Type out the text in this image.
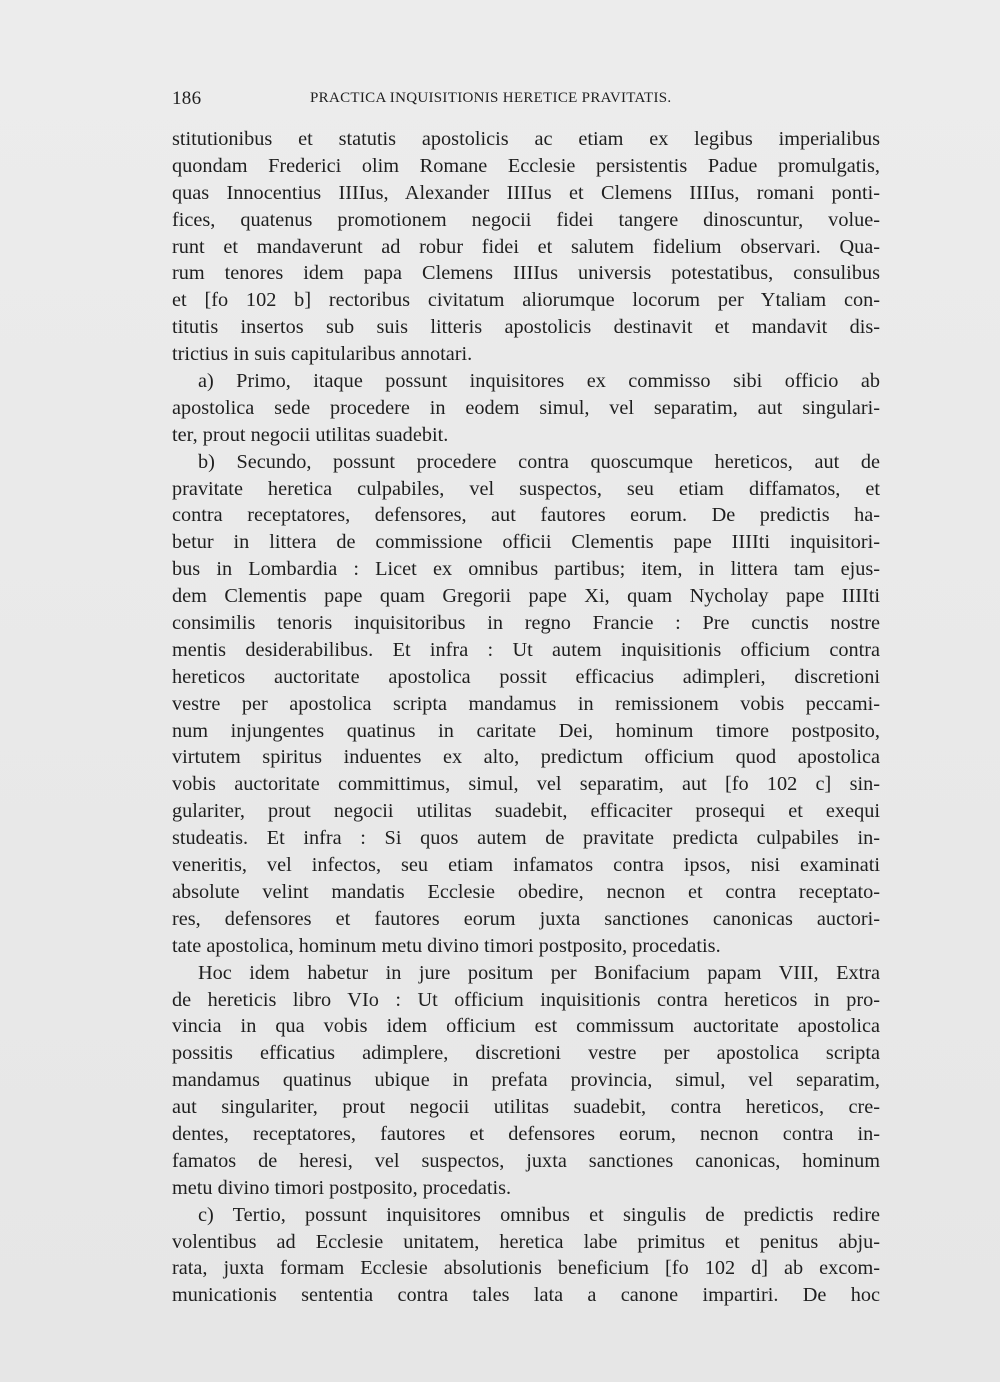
186	PRACTICA INQUISITIONIS HERETICE PRAVITATIS.
stitutionibus et statutis apostolicis ac etiam ex legibus imperialibus
quondam Frederici olim Romane Ecclesie persistentis Padue promulgatis,
quas Innocentius IIIIus, Alexander IIIIus et Clemens IIIIus, romani ponti-
fices, quatenus promotionem negocii fidei tangere dinoscuntur, voluе-
runt et mandaverunt ad robur fidei et salutem fidelium observari. Qua-
rum tenores idem papa Clemens IIIIus universis potestatibus, consulibus
et [fo 102 b] rectoribus civitatum aliorumque locorum per Ytaliam con-
titutis insertos sub suis litteris apostolicis destinavit et mandavit dis-
trictius in suis capitularibus annotari.
a) Primo, itaque possunt inquisitores ex commisso sibi officio ab
apostolica sede procedere in eodem simul, vel separatim, aut singulari-
ter, prout negocii utilitas suadebit.
b) Secundo, possunt procedere contra quoscumque hereticos, aut de
pravitate heretica culpabiles, vel suspectos, seu etiam diffamatos, et
contra receptatores, defensores, aut fautores eorum. De predictis ha-
betur in littera de commissione officii Clementis pape IIIIti inquisitori-
bus in Lombardia : Licet ex omnibus partibus; item, in littera tam ejus-
dem Clementis pape quam Gregorii pape Xi, quam Nycholay pape IIIIti
consimilis tenoris inquisitoribus in regno Francie : Pre cunctis nostre
mentis desiderabilibus. Et infra : Ut autem inquisitionis officium contra
hereticos auctoritate apostolica possit efficacius adimpleri, discretioni
vestre per apostolica scripta mandamus in remissionem vobis peccami-
num injungentes quatinus in caritate Dei, hominum timore postposito,
virtutem spiritus induentes ex alto, predictum officium quod apostolica
vobis auctoritate committimus, simul, vel separatim, aut [fo 102 c] sin-
gulariter, prout negocii utilitas suadebit, efficaciter prosequi et exequi
studeatis. Et infra : Si quos autem de pravitate predicta culpabiles in-
veneritis, vel infectos, seu etiam infamatos contra ipsos, nisi examinati
absolute velint mandatis Ecclesie obedire, necnon et contra receptato-
res, defensores et fautores eorum juxta sanctiones canonicas auctori-
tate apostolica, hominum metu divino timori postposito, procedatis.
Hoc idem habetur in jure positum per Bonifacium papam VIII, Extra
de hereticis libro VIo : Ut officium inquisitionis contra hereticos in pro-
vincia in qua vobis idem officium est commissum auctoritate apostolica
possitis efficatius adimplere, discretioni vestre per apostolica scripta
mandamus quatinus ubique in prefata provincia, simul, vel separatim,
aut singulariter, prout negocii utilitas suadebit, contra hereticos, cre-
dentes, receptatores, fautores et defensores eorum, necnon contra in-
famatos de heresi, vel suspectos, juxta sanctiones canonicas, hominum
metu divino timori postposito, procedatis.
c) Tertio, possunt inquisitores omnibus et singulis de predictis redire
volentibus ad Ecclesie unitatem, heretica labe primitus et penitus abju-
rata, juxta formam Ecclesie absolutionis beneficium [fo 102 d] ab excom-
municationis sententia contra tales lata a canone impartiri. De hoc
